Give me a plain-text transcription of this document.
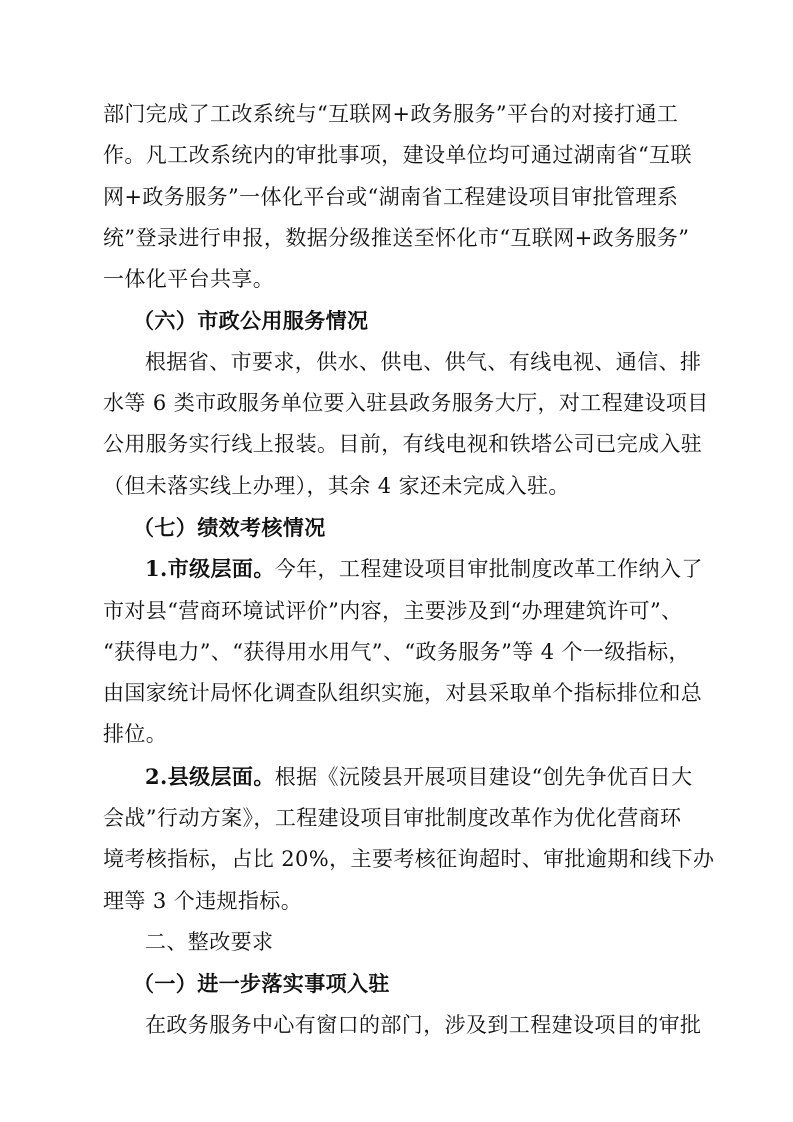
部门完成了工改系统与“互联网+政务服务”平台的对接打通工
作。凡工改系统内的审批事项，建设单位均可通过湖南省“互联
网+政务服务”一体化平台或“湖南省工程建设项目审批管理系
统”登录进行申报，数据分级推送至怀化市“互联网+政务服务”
一体化平台共享。

（六）市政公用服务情况

根据省、市要求，供水、供电、供气、有线电视、通信、排
水等 6 类市政服务单位要入驻县政务服务大厅，对工程建设项目
公用服务实行线上报装。目前，有线电视和铁塔公司已完成入驻
（但未落实线上办理），其余 4 家还未完成入驻。

（七）绩效考核情况

1.市级层面。今年，工程建设项目审批制度改革工作纳入了
市对县“营商环境试评价”内容，主要涉及到“办理建筑许可”、
“获得电力”、“获得用水用气”、“政务服务”等 4 个一级指标，
由国家统计局怀化调查队组织实施，对县采取单个指标排位和总
排位。

2.县级层面。根据《沅陵县开展项目建设“创先争优百日大
会战”行动方案》，工程建设项目审批制度改革作为优化营商环
境考核指标，占比 20%，主要考核征询超时、审批逾期和线下办
理等 3 个违规指标。

二、整改要求

（一）进一步落实事项入驻

在政务服务中心有窗口的部门，涉及到工程建设项目的审批
